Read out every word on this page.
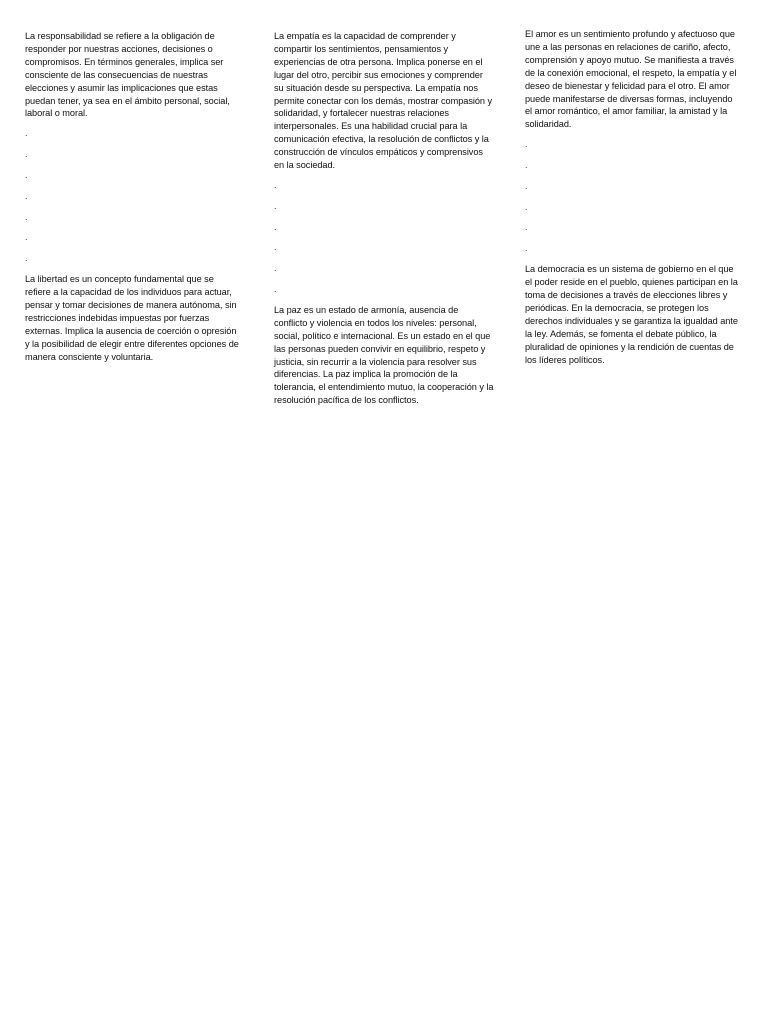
La responsabilidad se refiere a la obligación de responder por nuestras acciones, decisiones o compromisos. En términos generales, implica ser consciente de las consecuencias de nuestras elecciones y asumir las implicaciones que estas puedan tener, ya sea en el ámbito personal, social, laboral o moral.

.
.
.
.
.
.
.

La libertad es un concepto fundamental que se refiere a la capacidad de los individuos para actuar, pensar y tomar decisiones de manera autónoma, sin restricciones indebidas impuestas por fuerzas externas. Implica la ausencia de coerción o opresión y la posibilidad de elegir entre diferentes opciones de manera consciente y voluntaria.

La empatía es la capacidad de comprender y compartir los sentimientos, pensamientos y experiencias de otra persona. Implica ponerse en el lugar del otro, percibir sus emociones y comprender su situación desde su perspectiva. La empatía nos permite conectar con los demás, mostrar compasión y solidaridad, y fortalecer nuestras relaciones interpersonales. Es una habilidad crucial para la comunicación efectiva, la resolución de conflictos y la construcción de vínculos empáticos y comprensivos en la sociedad.

.
.
.
.
.
.

La paz es un estado de armonía, ausencia de conflicto y violencia en todos los niveles: personal, social, político e internacional. Es un estado en el que las personas pueden convivir en equilibrio, respeto y justicia, sin recurrir a la violencia para resolver sus diferencias. La paz implica la promoción de la tolerancia, el entendimiento mutuo, la cooperación y la resolución pacífica de los conflictos.

El amor es un sentimiento profundo y afectuoso que une a las personas en relaciones de cariño, afecto, comprensión y apoyo mutuo. Se manifiesta a través de la conexión emocional, el respeto, la empatía y el deseo de bienestar y felicidad para el otro. El amor puede manifestarse de diversas formas, incluyendo el amor romántico, el amor familiar, la amistad y la solidaridad.

.
.
.
.
.
.

La democracia es un sistema de gobierno en el que el poder reside en el pueblo, quienes participan en la toma de decisiones a través de elecciones libres y periódicas. En la democracia, se protegen los derechos individuales y se garantiza la igualdad ante la ley. Además, se fomenta el debate público, la pluralidad de opiniones y la rendición de cuentas de los líderes políticos.
